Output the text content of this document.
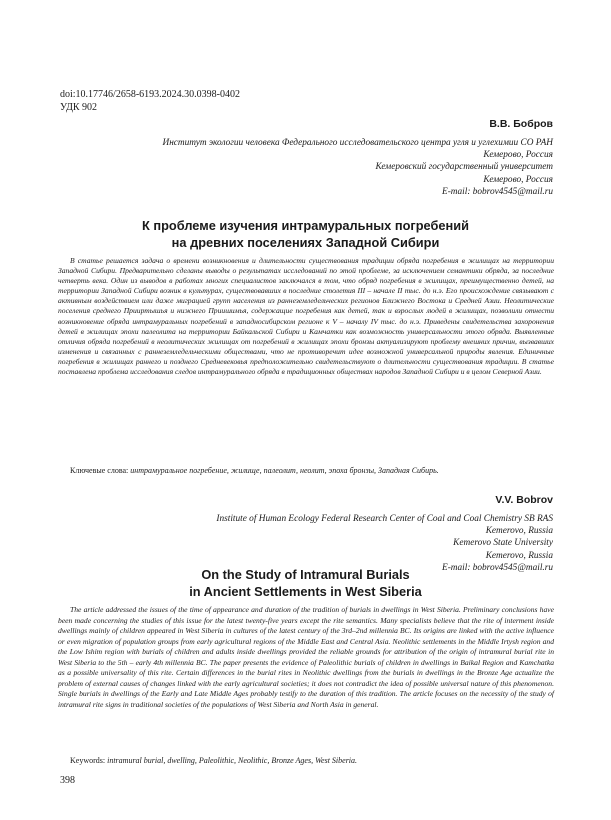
doi:10.17746/2658-6193.2024.30.0398-0402
УДК 902
В.В. Бобров
Институт экологии человека Федерального исследовательского центра угля и углехимии СО РАН
Кемерово, Россия
Кемеровский государственный университет
Кемерово, Россия
E-mail: bobrov4545@mail.ru
К проблеме изучения интрамуральных погребений
на древних поселениях Западной Сибири

В статье решается задача о времени возникновения и длительности существования традиции обряда погребения в жилищах на территории Западной Сибири. Предварительно сделаны выводы о результатах исследований по этой проблеме, за исключением семантики обряда, за последние четверть века. Один из выводов в работах многих специалистов заключался в том, что обряд погребения в жилищах, преимущественно детей, на территории Западной Сибири возник в культурах, существовавших в последние столетия III – начале II тыс. до н.э. Его происхождение связывают с активным воздействием или даже миграцией групп населения из раннеземледельческих регионов Ближнего Востока и Средней Азии. Неолитические поселения среднего Прииртышья и нижнего Приишимья, содержащие погребения как детей, так и взрослых людей в жилищах, позволили отнести возникновение обряда интрамуральных погребений в западносибирском регионе к V – началу IV тыс. до н.э. Приведены свидетельства захоронения детей в жилищах эпохи палеолита на территории Байкальской Сибири и Камчатки как возможность универсальности этого обряда. Выявленные отличия обряда погребений в неолитических жилищах от погребений в жилищах эпохи бронзы актуализируют проблему внешних причин, вызвавших изменения и связанных с раннеземледельческими обществами, что не противоречит идее возможной универсальной природы явления. Единичные погребения в жилищах раннего и позднего Средневековья предположительно свидетельствуют о длительности существования традиции. В статье поставлена проблема исследования следов интрамурального обряда в традиционных обществах народов Западной Сибири и в целом Северной Азии.

Ключевые слова: интрамуральное погребение, жилище, палеолит, неолит, эпоха бронзы, Западная Сибирь.
V.V. Bobrov
Institute of Human Ecology Federal Research Center of Coal and Coal Chemistry SB RAS
Kemerovo, Russia
Kemerovo State University
Kemerovo, Russia
E-mail: bobrov4545@mail.ru
On the Study of Intramural Burials
in Ancient Settlements in West Siberia

The article addressed the issues of the time of appearance and duration of the tradition of burials in dwellings in West Siberia. Preliminary conclusions have been made concerning the studies of this issue for the latest twenty-five years except the rite semantics. Many specialists believe that the rite of interment inside dwellings mainly of children appeared in West Siberia in cultures of the latest century of the 3rd–2nd millennia BC. Its origins are linked with the active influence or even migration of population groups from early agricultural regions of the Middle East and Central Asia. Neolithic settlements in the Middle Irtysh region and the Low Ishim region with burials of children and adults inside dwellings provided the reliable grounds for attribution of the origin of intramural burial rite in West Siberia to the 5th – early 4th millennia BC. The paper presents the evidence of Paleolithic burials of children in dwellings in Baikal Region and Kamchatka as a possible universality of this rite. Certain differences in the burial rites in Neolithic dwellings from the burials in dwellings in the Bronze Age actualize the problem of external causes of changes linked with the early agricultural societies; it does not contradict the idea of possible universal nature of this phenomenon. Single burials in dwellings of the Early and Late Middle Ages probably testify to the duration of this tradition. The article focuses on the necessity of the study of intramural rite signs in traditional societies of the populations of West Siberia and North Asia in general.

Keywords: intramural burial, dwelling, Paleolithic, Neolithic, Bronze Ages, West Siberia.
398
